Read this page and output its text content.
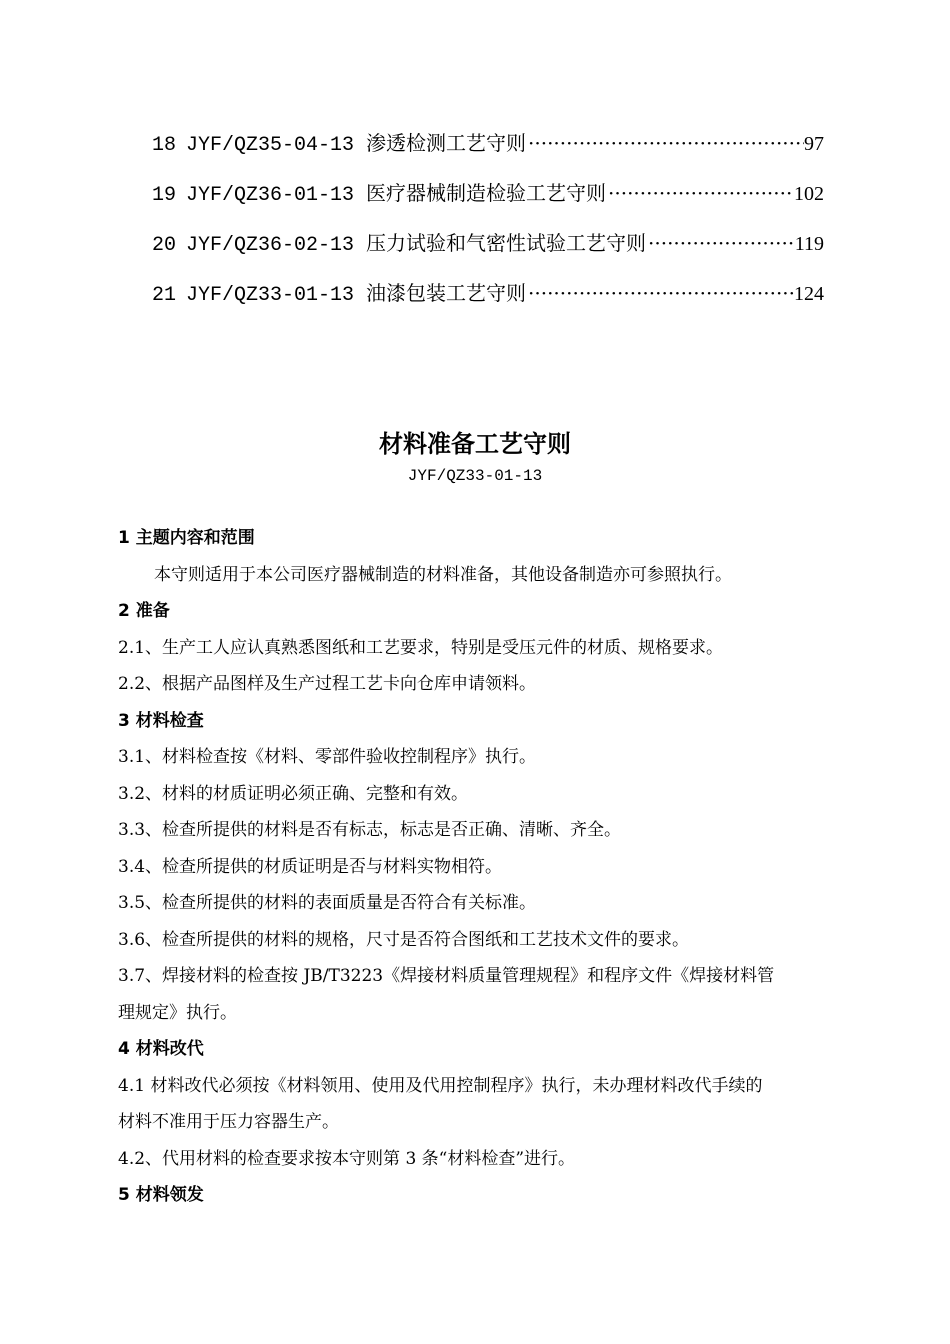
18 JYF/QZ35-04-13 渗透检测工艺守则 ·····	97
19 JYF/QZ36-01-13 医疗器械制造检验工艺守则 ·····	102
20 JYF/QZ36-02-13 压力试验和气密性试验工艺守则 ·····	119
21 JYF/QZ33-01-13 油漆包装工艺守则 ·····	124
材料准备工艺守则
JYF/QZ33-01-13
1 主题内容和范围
本守则适用于本公司医疗器械制造的材料准备，其他设备制造亦可参照执行。
2 准备
2.1、生产工人应认真熟悉图纸和工艺要求，特别是受压元件的材质、规格要求。
2.2、根据产品图样及生产过程工艺卡向仓库申请领料。
3 材料检查
3.1、材料检查按《材料、零部件验收控制程序》执行。
3.2、材料的材质证明必须正确、完整和有效。
3.3、检查所提供的材料是否有标志，标志是否正确、清晰、齐全。
3.4、检查所提供的材质证明是否与材料实物相符。
3.5、检查所提供的材料的表面质量是否符合有关标准。
3.6、检查所提供的材料的规格，尺寸是否符合图纸和工艺技术文件的要求。
3.7、焊接材料的检查按 JB/T3223《焊接材料质量管理规程》和程序文件《焊接材料管
理规定》执行。
4 材料改代
4.1 材料改代必须按《材料领用、使用及代用控制程序》执行，未办理材料改代手续的
材料不准用于压力容器生产。
4.2、代用材料的检查要求按本守则第 3 条“材料检查”进行。
5 材料领发
